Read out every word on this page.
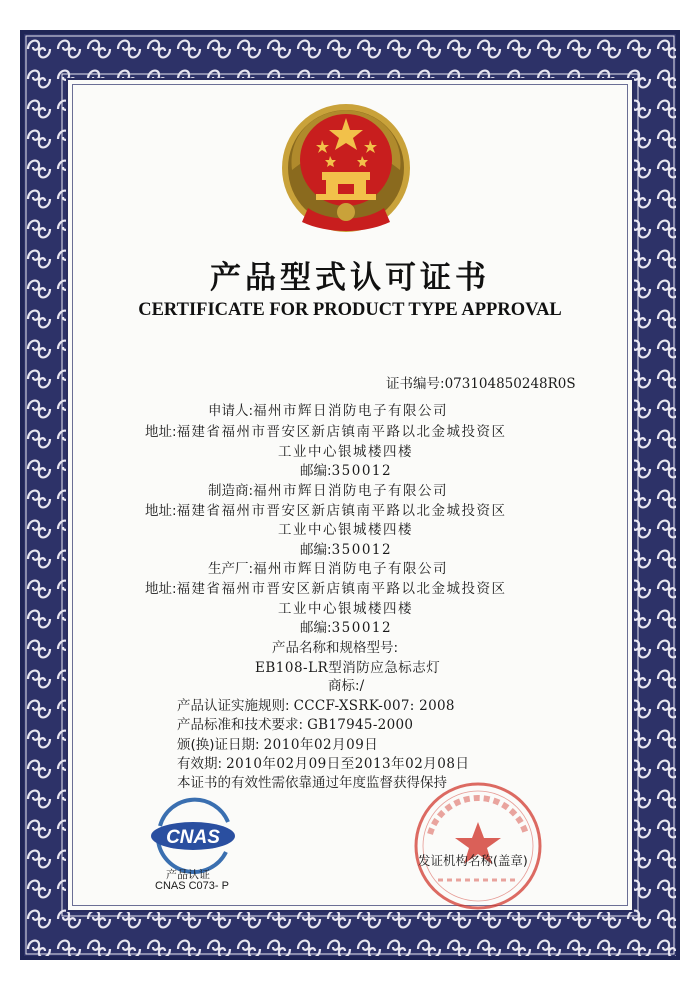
产品型式认可证书
CERTIFICATE FOR PRODUCT TYPE APPROVAL
证书编号:073104850248R0S
申请人:福州市辉日消防电子有限公司
地址:福建省福州市晋安区新店镇南平路以北金城投资区
工业中心银城楼四楼
邮编:350012
制造商:福州市辉日消防电子有限公司
地址:福建省福州市晋安区新店镇南平路以北金城投资区
工业中心银城楼四楼
邮编:350012
生产厂:福州市辉日消防电子有限公司
地址:福建省福州市晋安区新店镇南平路以北金城投资区
工业中心银城楼四楼
邮编:350012
产品名称和规格型号:
EB108-LR型消防应急标志灯
商标:/
产品认证实施规则: CCCF-XSRK-007: 2008
产品标准和技术要求: GB17945-2000
颁(换)证日期: 2010年02月09日
有效期: 2010年02月09日至2013年02月08日
本证书的有效性需依靠通过年度监督获得保持
CNAS
产品认证
CNAS C073- P
发证机构名称(盖章)
